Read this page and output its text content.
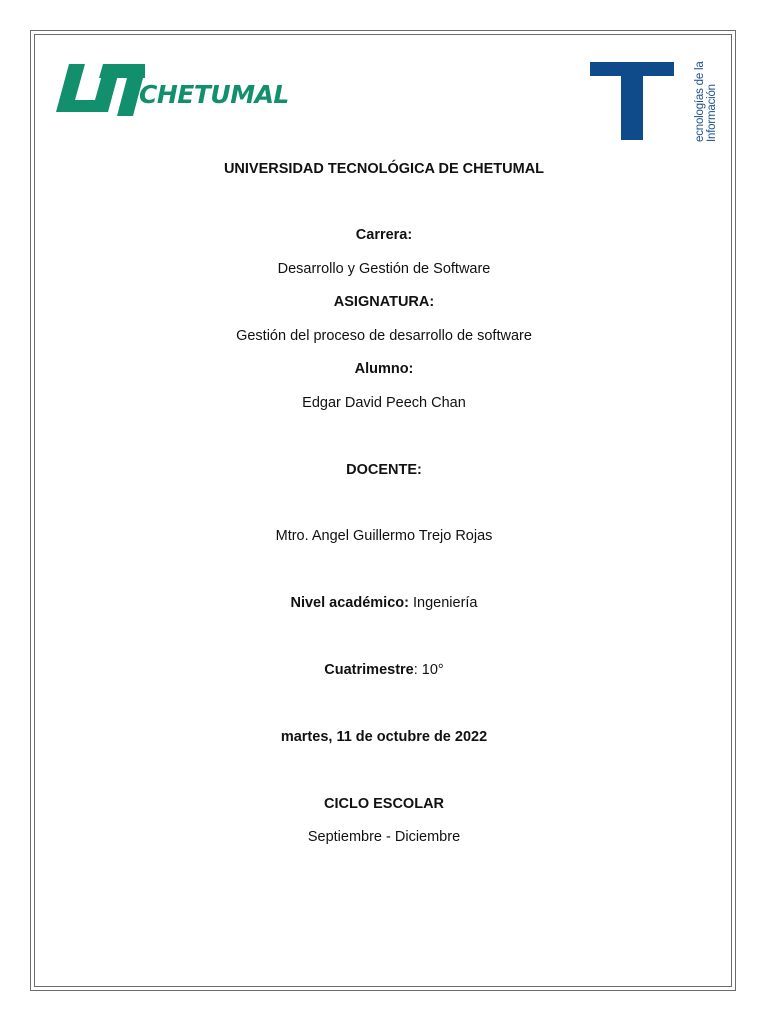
CHETUMAL	ecnologías de la Información
UNIVERSIDAD TECNOLÓGICA DE CHETUMAL
Carrera:
Desarrollo y Gestión de Software
ASIGNATURA:
Gestión del proceso de desarrollo de software
Alumno:
Edgar David Peech Chan
DOCENTE:
Mtro. Angel Guillermo Trejo Rojas
Nivel académico: Ingeniería
Cuatrimestre: 10°
martes, 11 de octubre de 2022
CICLO ESCOLAR
Septiembre - Diciembre
